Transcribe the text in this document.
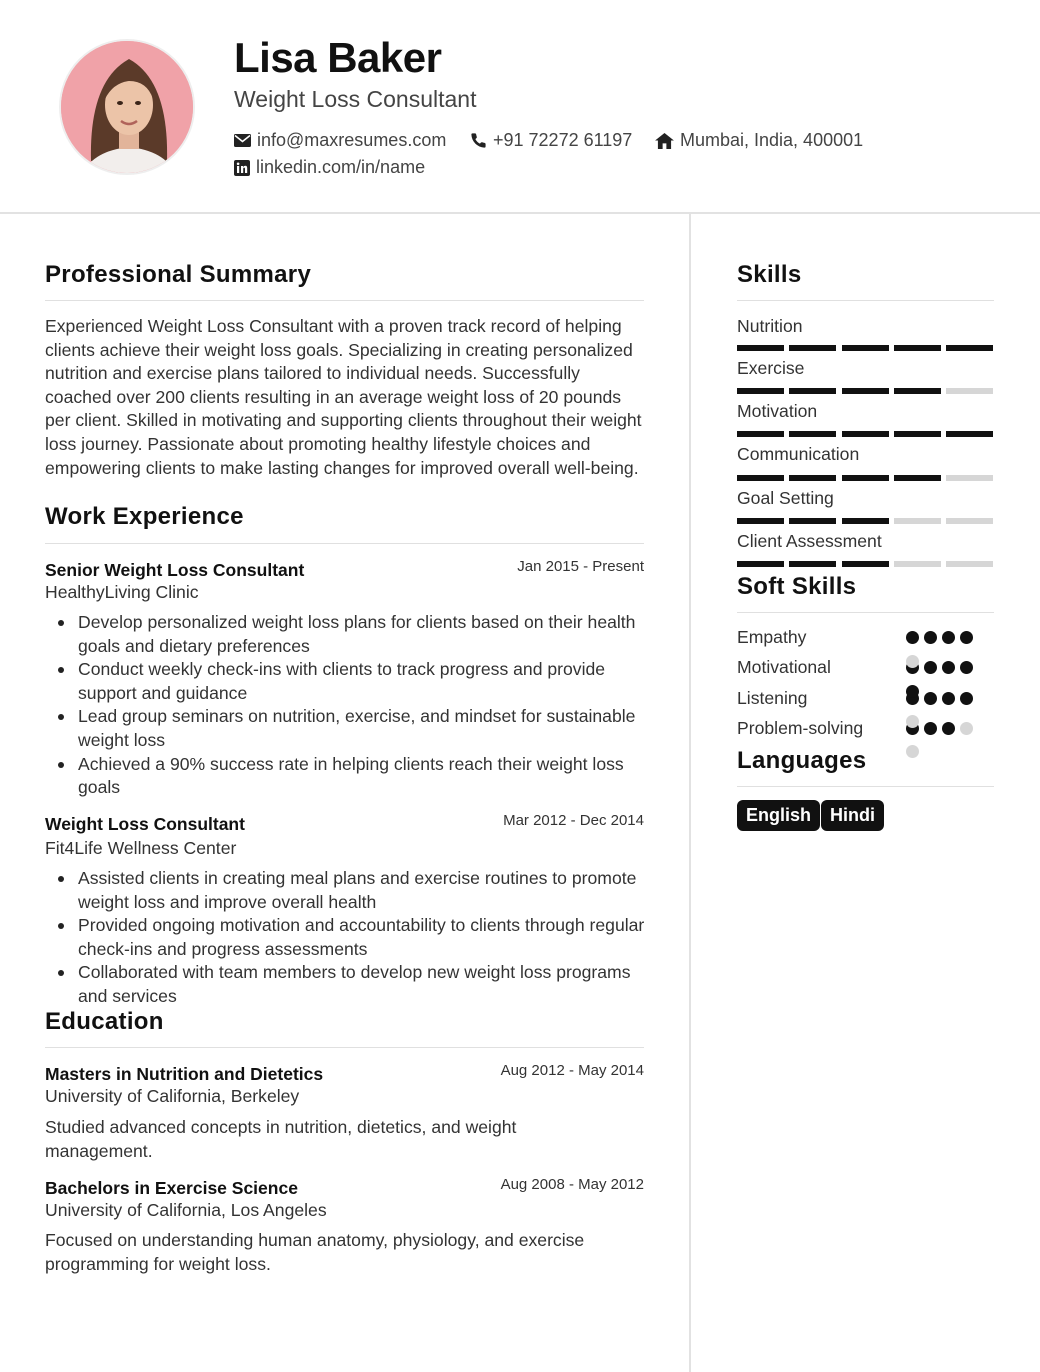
Lisa Baker
Weight Loss Consultant
info@maxresumes.com	+91 72272 61197	Mumbai, India, 400001
linkedin.com/in/name
Professional Summary
Experienced Weight Loss Consultant with a proven track record of helping clients achieve their weight loss goals. Specializing in creating personalized nutrition and exercise plans tailored to individual needs. Successfully coached over 200 clients resulting in an average weight loss of 20 pounds per client. Skilled in motivating and supporting clients throughout their weight loss journey. Passionate about promoting healthy lifestyle choices and empowering clients to make lasting changes for improved overall well-being.
Work Experience
Senior Weight Loss Consultant	Jan 2015 - Present
HealthyLiving Clinic
Develop personalized weight loss plans for clients based on their health goals and dietary preferences
Conduct weekly check-ins with clients to track progress and provide support and guidance
Lead group seminars on nutrition, exercise, and mindset for sustainable weight loss
Achieved a 90% success rate in helping clients reach their weight loss goals
Weight Loss Consultant	Mar 2012 - Dec 2014
Fit4Life Wellness Center
Assisted clients in creating meal plans and exercise routines to promote weight loss and improve overall health
Provided ongoing motivation and accountability to clients through regular check-ins and progress assessments
Collaborated with team members to develop new weight loss programs and services
Education
Masters in Nutrition and Dietetics	Aug 2012 - May 2014
University of California, Berkeley
Studied advanced concepts in nutrition, dietetics, and weight management.
Bachelors in Exercise Science	Aug 2008 - May 2012
University of California, Los Angeles
Focused on understanding human anatomy, physiology, and exercise programming for weight loss.
Skills
Nutrition
Exercise
Motivation
Communication
Goal Setting
Client Assessment
Soft Skills
Empathy
Motivational
Listening
Problem-solving
Languages
English	Hindi
